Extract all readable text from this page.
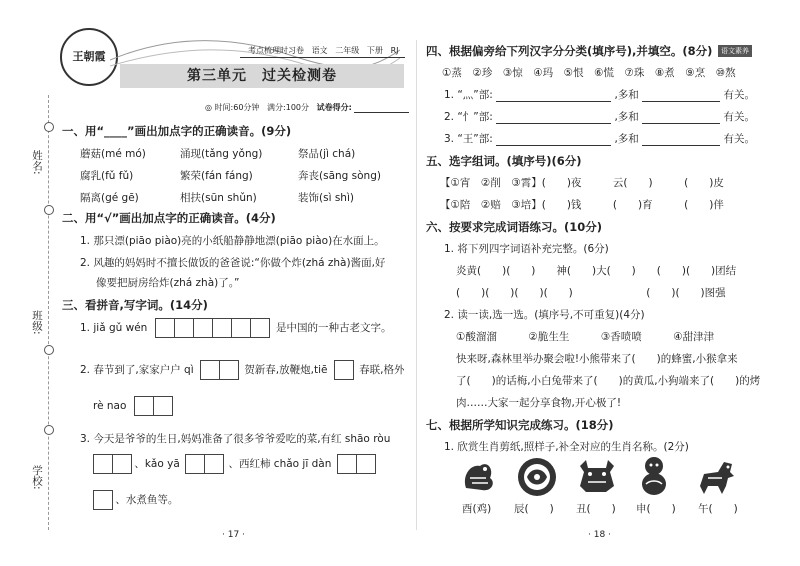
姓名:
班级:
学校:
王朝霞	考点梳理时习卷 语文 二年级 下册 RJ
第三单元　过关检测卷
◎ 时间:60分钟 满分:100分 试卷得分:
一、用“____”画出加点字的正确读音。(9分)
蘑菇(mé mó)	涌现(tǎng yǒng)	祭品(jì chá)
腐乳(fǔ fǔ)	繁荣(fán fáng)	奔丧(sāng sòng)
隔离(gé gē)	相扶(sūn shǔn)	装饰(sì shì)
二、用“√”画出加点字的正确读音。(4分)
1. 那只漂(piāo piào)亮的小纸船静静地漂(piāo piào)在水面上。
2. 风趣的妈妈时不擅长做饭的爸爸说:“你做个炸(zhá zhà)酱面,好
像要把厨房给炸(zhá zhà)了。”
三、看拼音,写字词。(14分)
1. jiǎ gǔ wén	是中国的一种古老文字。
2. 春节到了,家家户户 qì	贺新春,放鞭炮,tiē	春联,格外
rè nao
3. 今天是爷爷的生日,妈妈准备了很多爷爷爱吃的菜,有红 shāo ròu
、kǎo yā	、西红柿 chǎo jī dàn
、水煮鱼等。
· 17 ·
四、根据偏旁给下列汉字分分类(填序号),并填空。(8分)	语文素养
①蒸　②珍　③惊　④玛　⑤恨　⑥慌　⑦珠　⑧煮　⑨烹　⑩熬
1. “灬”部:	,多和	有关。
2. “忄”部:	,多和	有关。
3. “王”部:	,多和	有关。
五、选字组词。(填序号)(6分)
【①宵　②削　③霄】(　　)夜　　　云(　　)　　　(　　)皮
【①陪　②赔　③培】(　　)钱　　　(　　)育　　　(　　)伴
六、按要求完成词语练习。(10分)
1. 将下列四字词语补充完整。(6分)
炎黄(　　)(　　)　　神(　　)大(　　)　　(　　)(　　)团结
(　　)(　　)(　　)(　　)　　　　　　　(　　)(　　)图强
2. 读一读,选一选。(填序号,不可重复)(4分)
①酸溜溜　　　②脆生生　　　③香喷喷　　　④甜津津
快来呀,森林里举办聚会啦!小熊带来了(　　)的蜂蜜,小猴拿来
了(　　)的话梅,小白兔带来了(　　)的黄瓜,小狗端来了(　　)的烤
肉……大家一起分享食物,开心极了!
七、根据所学知识完成练习。(18分)
1. 欣赏生肖剪纸,照样子,补全对应的生肖名称。(2分)
酉(鸡) 辰(　　) 丑(　　) 申(　　) 午(　　)
· 18 ·
